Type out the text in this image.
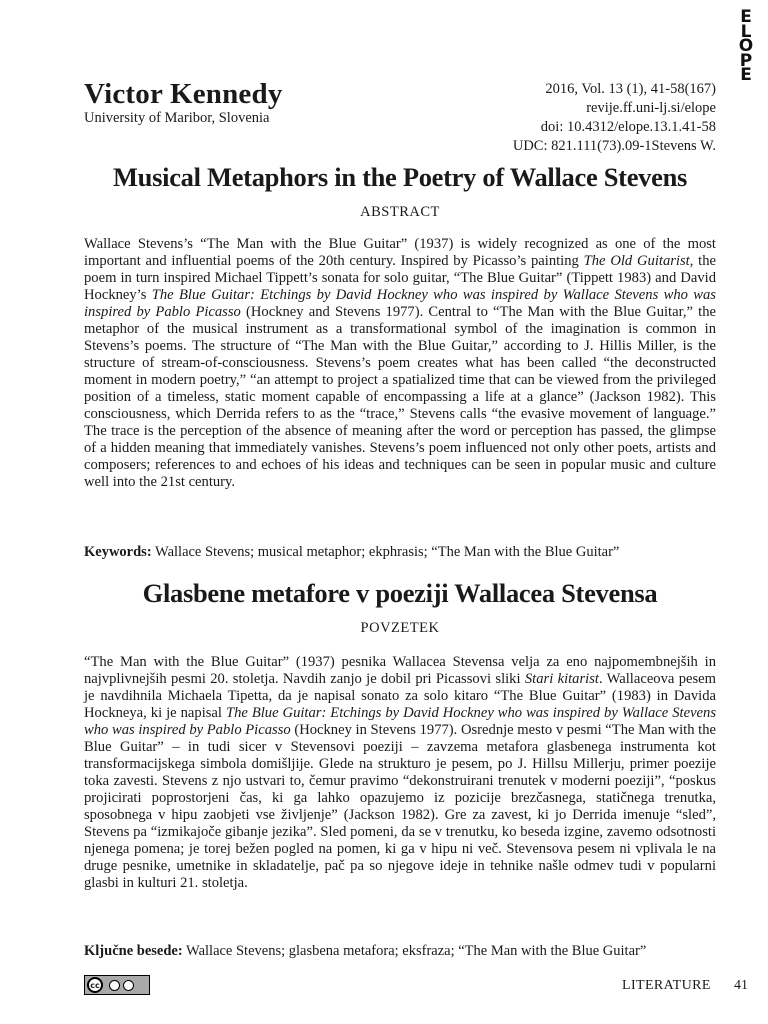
E
L
O
P
E
Victor Kennedy
University of Maribor, Slovenia
2016, Vol. 13 (1), 41-58(167)
revije.ff.uni-lj.si/elope
doi: 10.4312/elope.13.1.41-58
UDC: 821.111(73).09-1Stevens W.
Musical Metaphors in the Poetry of Wallace Stevens
ABSTRACT

Wallace Stevens’s “The Man with the Blue Guitar” (1937) is widely recognized as one of the most important and influential poems of the 20th century. Inspired by Picasso’s painting The Old Guitarist, the poem in turn inspired Michael Tippett’s sonata for solo guitar, “The Blue Guitar” (Tippett 1983) and David Hockney’s The Blue Guitar: Etchings by David Hockney who was inspired by Wallace Stevens who was inspired by Pablo Picasso (Hockney and Stevens 1977). Central to “The Man with the Blue Guitar,” the metaphor of the musical instrument as a transformational symbol of the imagination is common in Stevens’s poems. The structure of “The Man with the Blue Guitar,” according to J. Hillis Miller, is the structure of stream-of-consciousness. Stevens’s poem creates what has been called “the deconstructed moment in modern poetry,” “an attempt to project a spatialized time that can be viewed from the privileged position of a timeless, static moment capable of encompassing a life at a glance” (Jackson 1982). This consciousness, which Derrida refers to as the “trace,” Stevens calls “the evasive movement of language.” The trace is the perception of the absence of meaning after the word or perception has passed, the glimpse of a hidden meaning that immediately vanishes. Stevens’s poem influenced not only other poets, artists and composers; references to and echoes of his ideas and techniques can be seen in popular music and culture well into the 21st century.

Keywords: Wallace Stevens; musical metaphor; ekphrasis; “The Man with the Blue Guitar”
Glasbene metafore v poeziji Wallacea Stevensa
POVZETEK

“The Man with the Blue Guitar” (1937) pesnika Wallacea Stevensa velja za eno najpomembnejših in najvplivnejših pesmi 20. stoletja. Navdih zanjo je dobil pri Picassovi sliki Stari kitarist. Wallaceova pesem je navdihnila Michaela Tipetta, da je napisal sonato za solo kitaro “The Blue Guitar” (1983) in Davida Hockneya, ki je napisal The Blue Guitar: Etchings by David Hockney who was inspired by Wallace Stevens who was inspired by Pablo Picasso (Hockney in Stevens 1977). Osrednje mesto v pesmi “The Man with the Blue Guitar” – in tudi sicer v Stevensovi poeziji – zavzema metafora glasbenega instrumenta kot transformacijskega simbola domišljije. Glede na strukturo je pesem, po J. Hillsu Millerju, primer poezije toka zavesti. Stevens z njo ustvari to, čemur pravimo “dekonstruirani trenutek v moderni poeziji”, “poskus projicirati poprostorjeni čas, ki ga lahko opazujemo iz pozicije brezčasnega, statičnega trenutka, sposobnega v hipu zaobjeti vse življenje” (Jackson 1982). Gre za zavest, ki jo Derrida imenuje “sled”, Stevens pa “izmikajoče gibanje jezika”. Sled pomeni, da se v trenutku, ko beseda izgine, zavemo odsotnosti njenega pomena; je torej bežen pogled na pomen, ki ga v hipu ni več. Stevensova pesem ni vplivala le na druge pesnike, umetnike in skladatelje, pač pa so njegove ideje in tehnike našle odmev tudi v popularni glasbi in kulturi 21. stoletja.

Ključne besede: Wallace Stevens; glasbena metafora; eksfraza; “The Man with the Blue Guitar”
cc	LITERATURE 41
